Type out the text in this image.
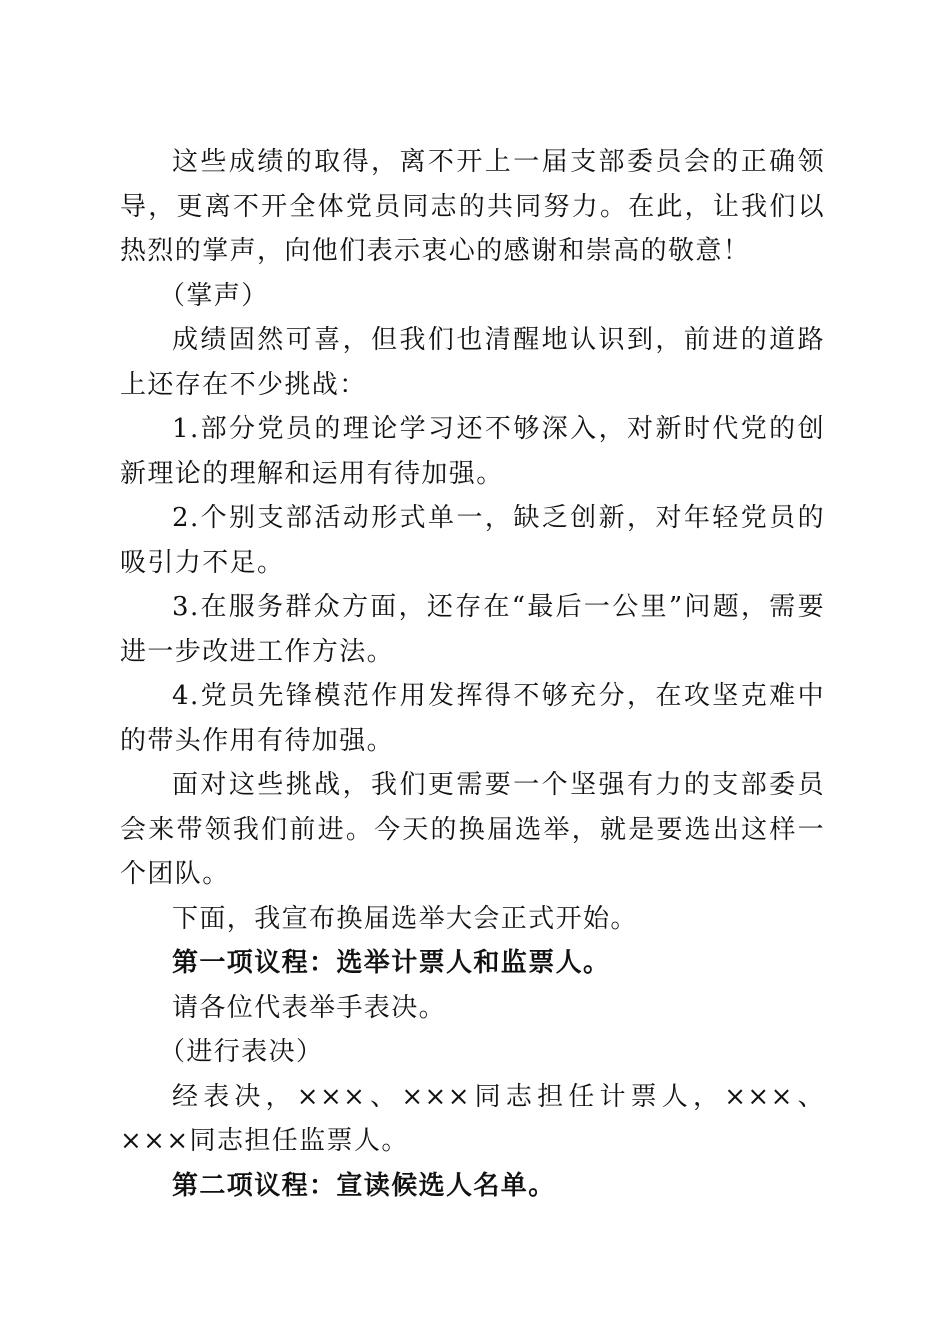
这些成绩的取得，离不开上一届支部委员会的正确领导，更离不开全体党员同志的共同努力。在此，让我们以热烈的掌声，向他们表示衷心的感谢和崇高的敬意！

（掌声）

成绩固然可喜，但我们也清醒地认识到，前进的道路上还存在不少挑战：

1.部分党员的理论学习还不够深入，对新时代党的创新理论的理解和运用有待加强。

2.个别支部活动形式单一，缺乏创新，对年轻党员的吸引力不足。

3.在服务群众方面，还存在“最后一公里”问题，需要进一步改进工作方法。

4.党员先锋模范作用发挥得不够充分，在攻坚克难中的带头作用有待加强。

面对这些挑战，我们更需要一个坚强有力的支部委员会来带领我们前进。今天的换届选举，就是要选出这样一个团队。

下面，我宣布换届选举大会正式开始。

第一项议程：选举计票人和监票人。

请各位代表举手表决。

（进行表决）

经表决，×××、×××同志担任计票人，×××、×××同志担任监票人。

第二项议程：宣读候选人名单。
